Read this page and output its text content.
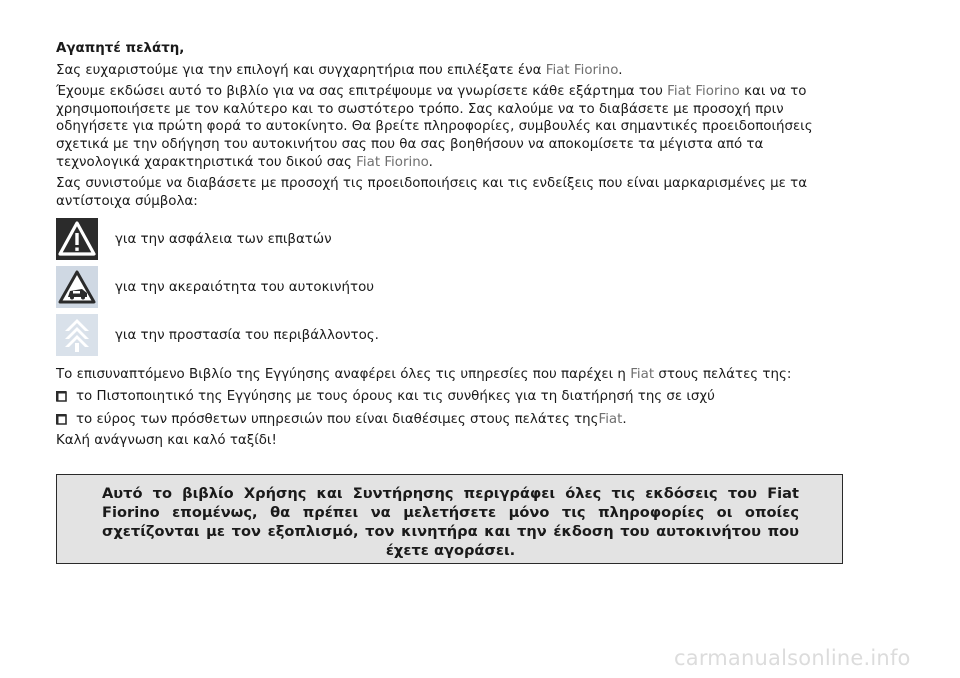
Αγαπητέ πελάτη,
Σας ευχαριστούμε για την επιλογή και συγχαρητήρια που επιλέξατε ένα Fiat Fiorino.
Έχουμε εκδώσει αυτό το βιβλίο για να σας επιτρέψουμε να γνωρίσετε κάθε εξάρτημα του Fiat Fiorino και να το
χρησιμοποιήσετε με τον καλύτερο και το σωστότερο τρόπο. Σας καλούμε να το διαβάσετε με προσοχή πριν
οδηγήσετε για πρώτη φορά το αυτοκίνητο. Θα βρείτε πληροφορίες, συμβουλές και σημαντικές προειδοποιήσεις
σχετικά με την οδήγηση του αυτοκινήτου σας που θα σας βοηθήσουν να αποκομίσετε τα μέγιστα από τα
τεχνολογικά χαρακτηριστικά του δικού σας Fiat Fiorino.
Σας συνιστούμε να διαβάσετε με προσοχή τις προειδοποιήσεις και τις ενδείξεις που είναι μαρκαρισμένες με τα
αντίστοιχα σύμβολα:
για την ασφάλεια των επιβατών
για την ακεραιότητα του αυτοκινήτου
για την προστασία του περιβάλλοντος.
Το επισυναπτόμενο Βιβλίο της Εγγύησης αναφέρει όλες τις υπηρεσίες που παρέχει η Fiat στους πελάτες της:
το Πιστοποιητικό της Εγγύησης με τους όρους και τις συνθήκες για τη διατήρησή της σε ισχύ
το εύρος των πρόσθετων υπηρεσιών που είναι διαθέσιμες στους πελάτες της Fiat .
Καλή ανάγνωση και καλό ταξίδι!
Αυτό το βιβλίο Χρήσης και Συντήρησης περιγράφει όλες τις εκδόσεις του Fiat
Fiorino επομένως, θα πρέπει να μελετήσετε μόνο τις πληροφορίες οι οποίες
σχετίζονται με τον εξοπλισμό, τον κινητήρα και την έκδοση του αυτοκινήτου που
έχετε αγοράσει.
carmanualsonline.info
